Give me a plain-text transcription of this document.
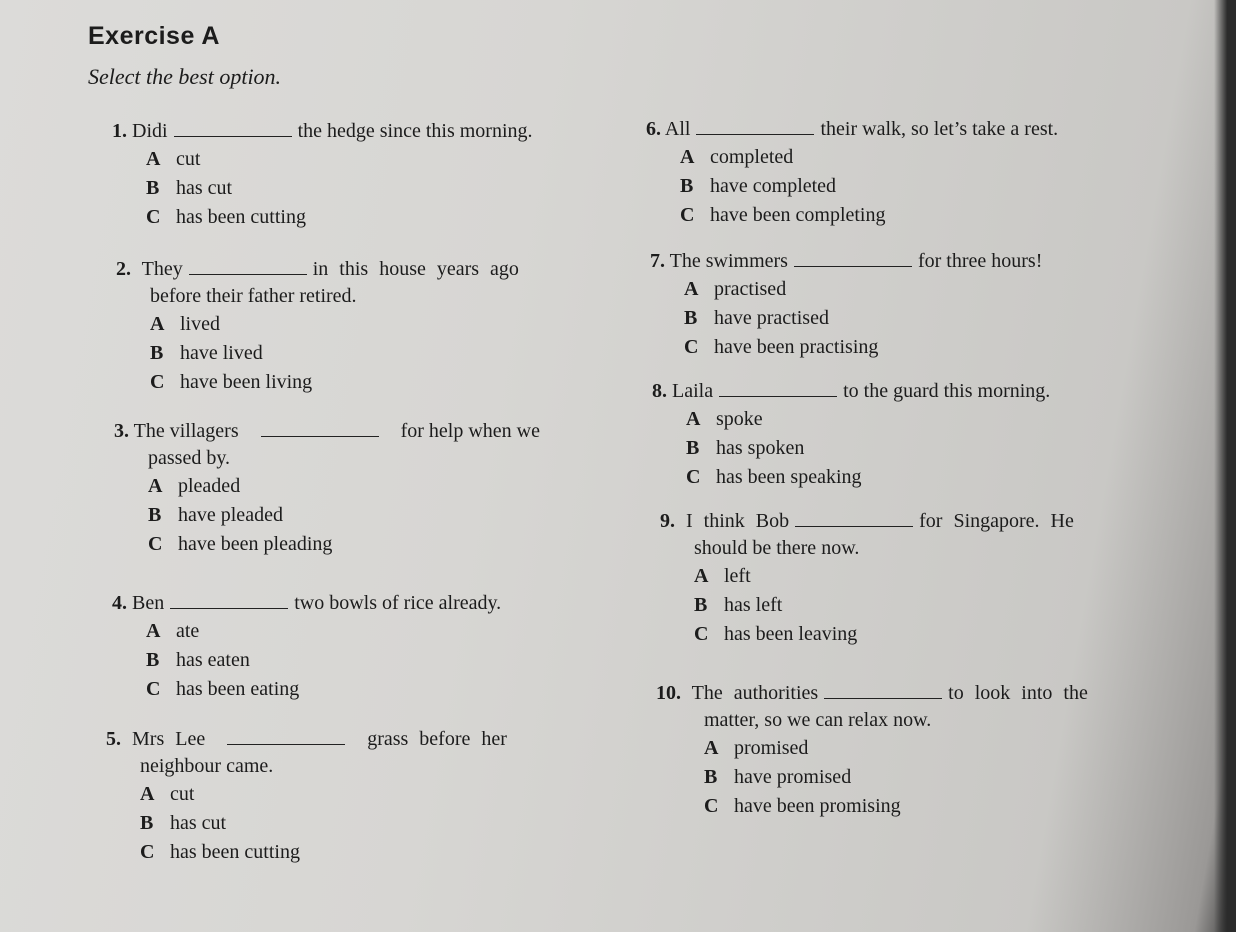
Exercise A
Select the best option.
1. Didi	the hedge since this morning.
A cut
B has cut
C has been cutting
2. They	in this house years ago
before their father retired.
A lived
B have lived
C have been living
3. The villagers	for help when we
passed by.
A pleaded
B have pleaded
C have been pleading
4. Ben	two bowls of rice already.
A ate
B has eaten
C has been eating
5. Mrs Lee	grass before her
neighbour came.
A cut
B has cut
C has been cutting
6. All	their walk, so let’s take a rest.
A completed
B have completed
C have been completing
7. The swimmers	for three hours!
A practised
B have practised
C have been practising
8. Laila	to the guard this morning.
A spoke
B has spoken
C has been speaking
9. I think Bob	for Singapore. He
should be there now.
A left
B has left
C has been leaving
10. The authorities	to look into the
matter, so we can relax now.
A promised
B have promised
C have been promising
